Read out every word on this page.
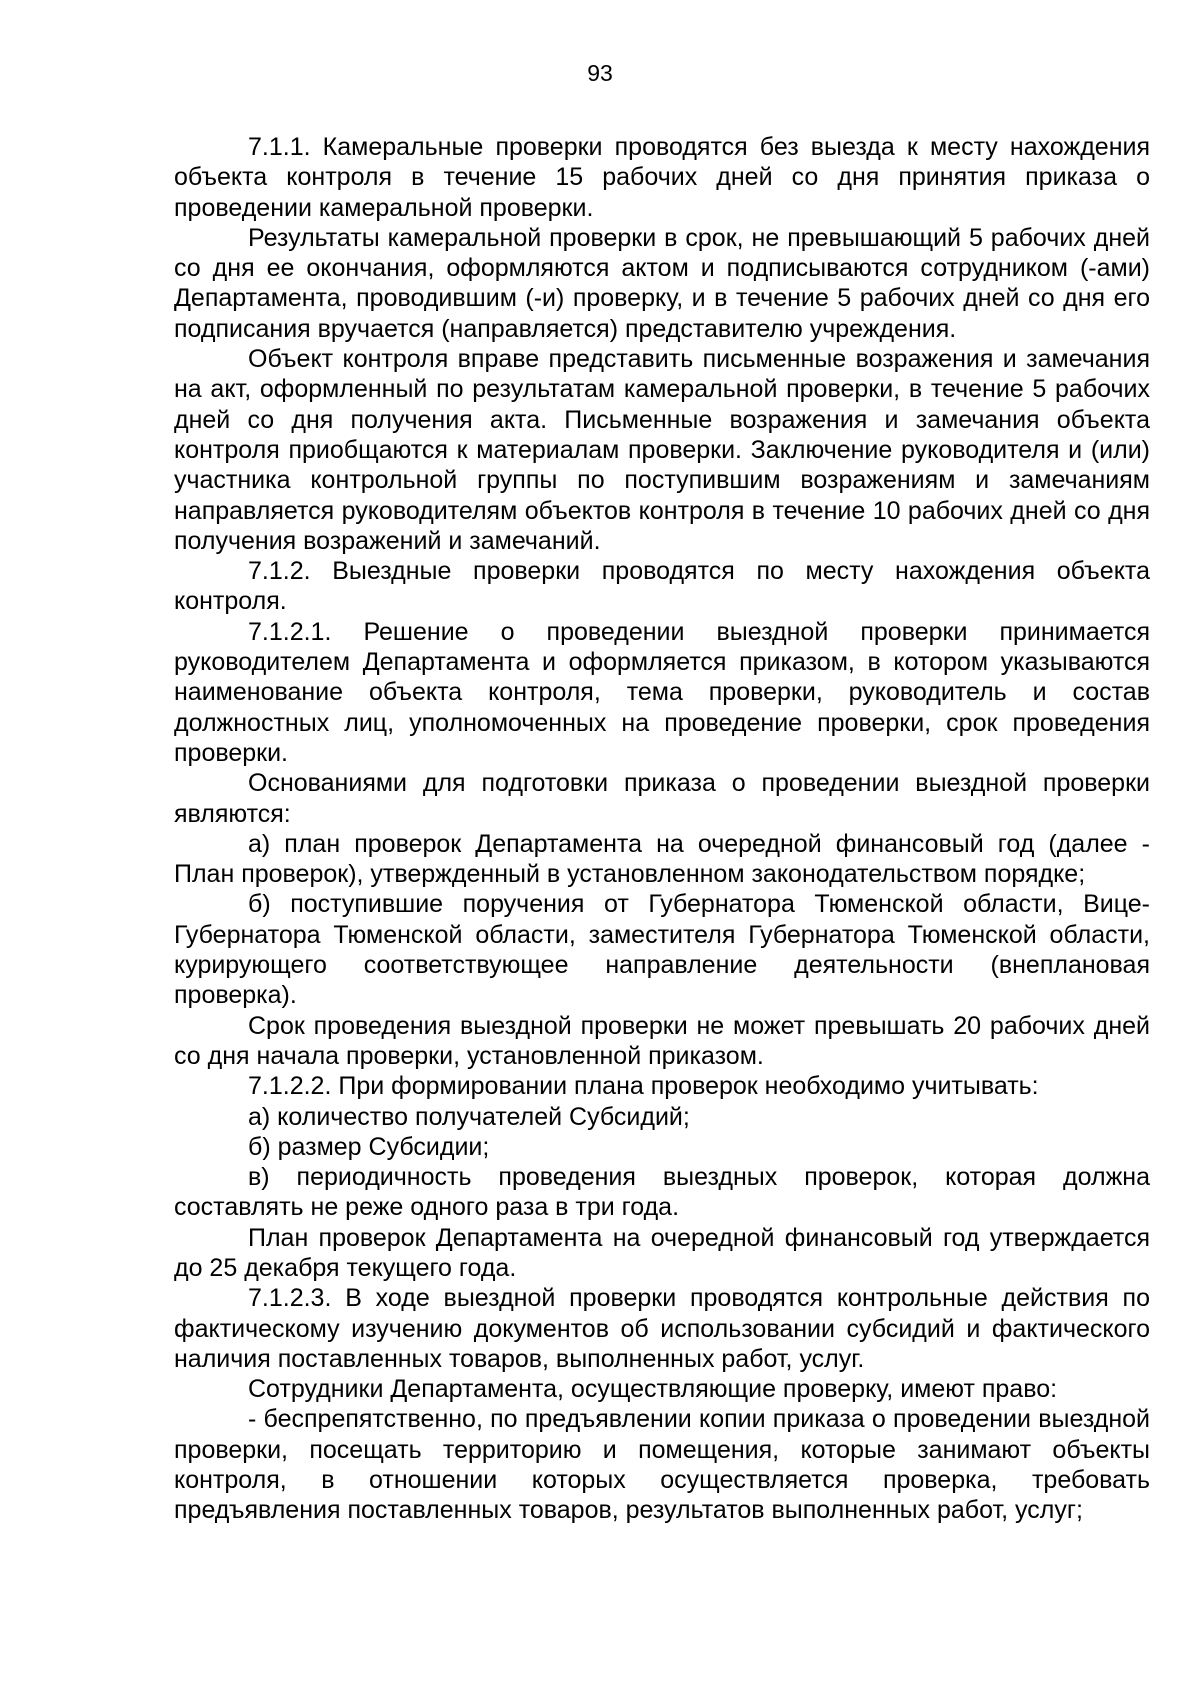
93

7.1.1. Камеральные проверки проводятся без выезда к месту нахождения объекта контроля в течение 15 рабочих дней со дня принятия приказа о проведении камеральной проверки.

Результаты камеральной проверки в срок, не превышающий 5 рабочих дней со дня ее окончания, оформляются актом и подписываются сотрудником (-ами) Департамента, проводившим (-и) проверку, и в течение 5 рабочих дней со дня его подписания вручается (направляется) представителю учреждения.

Объект контроля вправе представить письменные возражения и замечания на акт, оформленный по результатам камеральной проверки, в течение 5 рабочих дней со дня получения акта. Письменные возражения и замечания объекта контроля приобщаются к материалам проверки. Заключение руководителя и (или) участника контрольной группы по поступившим возражениям и замечаниям направляется руководителям объектов контроля в течение 10 рабочих дней со дня получения возражений и замечаний.

7.1.2. Выездные проверки проводятся по месту нахождения объекта контроля.

7.1.2.1. Решение о проведении выездной проверки принимается руководителем Департамента и оформляется приказом, в котором указываются наименование объекта контроля, тема проверки, руководитель и состав должностных лиц, уполномоченных на проведение проверки, срок проведения проверки.

Основаниями для подготовки приказа о проведении выездной проверки являются:

а) план проверок Департамента на очередной финансовый год (далее - План проверок), утвержденный в установленном законодательством порядке;

б) поступившие поручения от Губернатора Тюменской области, Вице-Губернатора Тюменской области, заместителя Губернатора Тюменской области, курирующего соответствующее направление деятельности (внеплановая проверка).

Срок проведения выездной проверки не может превышать 20 рабочих дней со дня начала проверки, установленной приказом.

7.1.2.2. При формировании плана проверок необходимо учитывать:

а) количество получателей Субсидий;

б) размер Субсидии;

в) периодичность проведения выездных проверок, которая должна составлять не реже одного раза в три года.

План проверок Департамента на очередной финансовый год утверждается до 25 декабря текущего года.

7.1.2.3. В ходе выездной проверки проводятся контрольные действия по фактическому изучению документов об использовании субсидий и фактического наличия поставленных товаров, выполненных работ, услуг.

Сотрудники Департамента, осуществляющие проверку, имеют право:

- беспрепятственно, по предъявлении копии приказа о проведении выездной проверки, посещать территорию и помещения, которые занимают объекты контроля, в отношении которых осуществляется проверка, требовать предъявления поставленных товаров, результатов выполненных работ, услуг;
